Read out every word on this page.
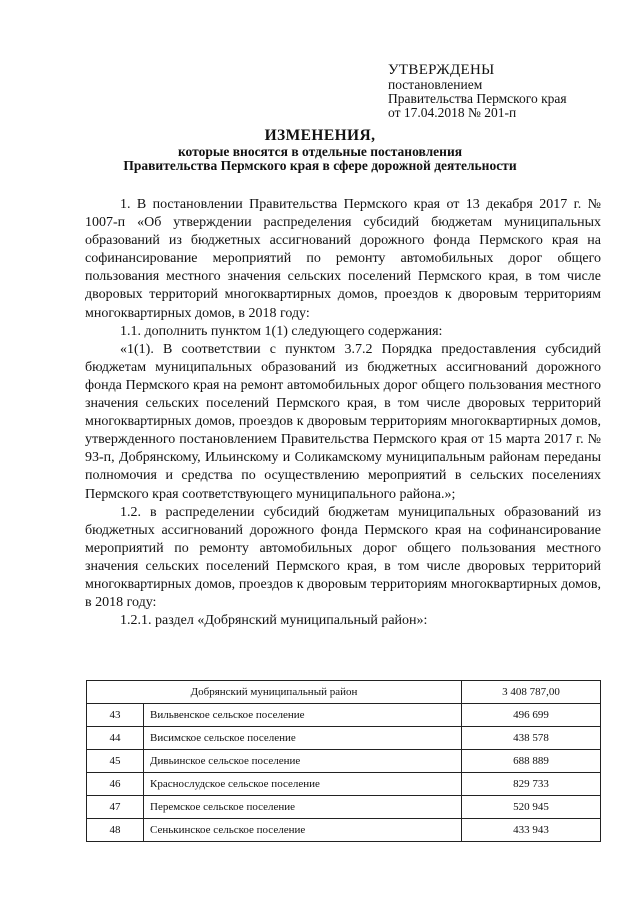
УТВЕРЖДЕНЫ
постановлением
Правительства Пермского края
от 17.04.2018 № 201-п
ИЗМЕНЕНИЯ,
которые вносятся в отдельные постановления
Правительства Пермского края в сфере дорожной деятельности

1. В постановлении Правительства Пермского края от 13 декабря 2017 г. № 1007-п «Об утверждении распределения субсидий бюджетам муниципальных образований из бюджетных ассигнований дорожного фонда Пермского края на софинансирование мероприятий по ремонту автомобильных дорог общего пользования местного значения сельских поселений Пермского края, в том числе дворовых территорий многоквартирных домов, проездов к дворовым территориям многоквартирных домов, в 2018 году:

1.1. дополнить пунктом 1(1) следующего содержания:

«1(1). В соответствии с пунктом 3.7.2 Порядка предоставления субсидий бюджетам муниципальных образований из бюджетных ассигнований дорожного фонда Пермского края на ремонт автомобильных дорог общего пользования местного значения сельских поселений Пермского края, в том числе дворовых территорий многоквартирных домов, проездов к дворовым территориям многоквартирных домов, утвержденного постановлением Правительства Пермского края от 15 марта 2017 г. № 93-п, Добрянскому, Ильинскому и Соликамскому муниципальным районам переданы полномочия и средства по осуществлению мероприятий в сельских поселениях Пермского края соответствующего муниципального района.»;

1.2. в распределении субсидий бюджетам муниципальных образований из бюджетных ассигнований дорожного фонда Пермского края на софинансирование мероприятий по ремонту автомобильных дорог общего пользования местного значения сельских поселений Пермского края, в том числе дворовых территорий многоквартирных домов, проездов к дворовым территориям многоквартирных домов, в 2018 году:

1.2.1. раздел «Добрянский муниципальный район»:

Добрянский муниципальный район		3 408 787,00
43	Вильвенское сельское поселение	496 699
44	Висимское сельское поселение	438 578
45	Дивьинское сельское поселение	688 889
46	Краснослудское сельское поселение	829 733
47	Перемское сельское поселение	520 945
48	Сенькинское сельское поселение	433 943
